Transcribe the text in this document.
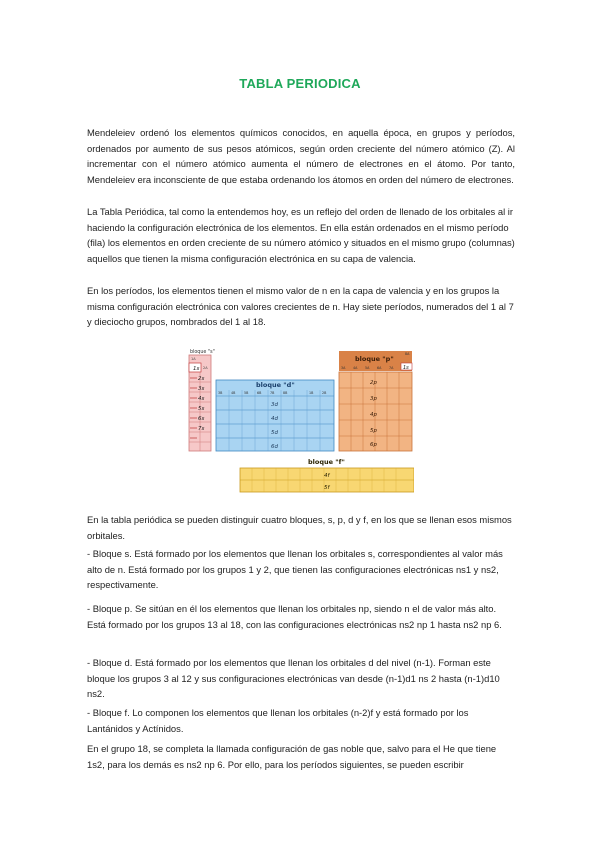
TABLA PERIODICA

Mendeleiev ordenó los elementos químicos conocidos, en aquella época, en grupos y períodos, ordenados por aumento de sus pesos atómicos, según orden creciente del número atómico (Z). Al incrementar con el número atómico aumenta el número de electrones en el átomo. Por tanto, Mendeleiev era inconsciente de que estaba ordenando los átomos en orden del número de electrones.

La Tabla Periódica, tal como la entendemos hoy, es un reflejo del orden de llenado de los orbitales al ir haciendo la configuración electrónica de los elementos. En ella están ordenados en el mismo período (fila) los elementos en orden creciente de su número atómico y situados en el mismo grupo (columnas) aquellos que tienen la misma configuración electrónica en su capa de valencia.

En los períodos, los elementos tienen el mismo valor de n en la capa de valencia y en los grupos la misma configuración electrónica con valores crecientes de n. Hay siete períodos, numerados del 1 al 7 y dieciocho grupos, nombrados del 1 al 18.

bloque "s"
1A
2A
1s
2s
3s
4s
5s
6s
7s
bloque "d"
3B	4B	5B	6B	7B	8B	1B	2B
3d
4d
5d
6d
bloque "p"
1s
8A
3A 4A 5A 6A 7A
2p
3p
4p
5p
6p
bloque "f"
4f
5f

En la tabla periódica se pueden distinguir cuatro bloques, s, p, d y f, en los que se llenan esos mismos orbitales.

- Bloque s. Está formado por los elementos que llenan los orbitales s, correspondientes al valor más alto de n. Está formado por los grupos 1 y 2, que tienen las configuraciones electrónicas ns1 y ns2, respectivamente.

- Bloque p. Se sitúan en él los elementos que llenan los orbitales np, siendo n el de valor más alto. Está formado por los grupos 13 al 18, con las configuraciones electrónicas ns2 np 1 hasta ns2 np 6.

- Bloque d. Está formado por los elementos que llenan los orbitales d del nivel (n-1). Forman este bloque los grupos 3 al 12 y sus configuraciones electrónicas van desde (n-1)d1 ns 2 hasta (n-1)d10 ns2.

- Bloque f. Lo componen los elementos que llenan los orbitales (n-2)f y está formado por los Lantánidos y Actínidos.

En el grupo 18, se completa la llamada configuración de gas noble que, salvo para el He que tiene 1s2, para los demás es ns2 np 6. Por ello, para los períodos siguientes, se pueden escribir
